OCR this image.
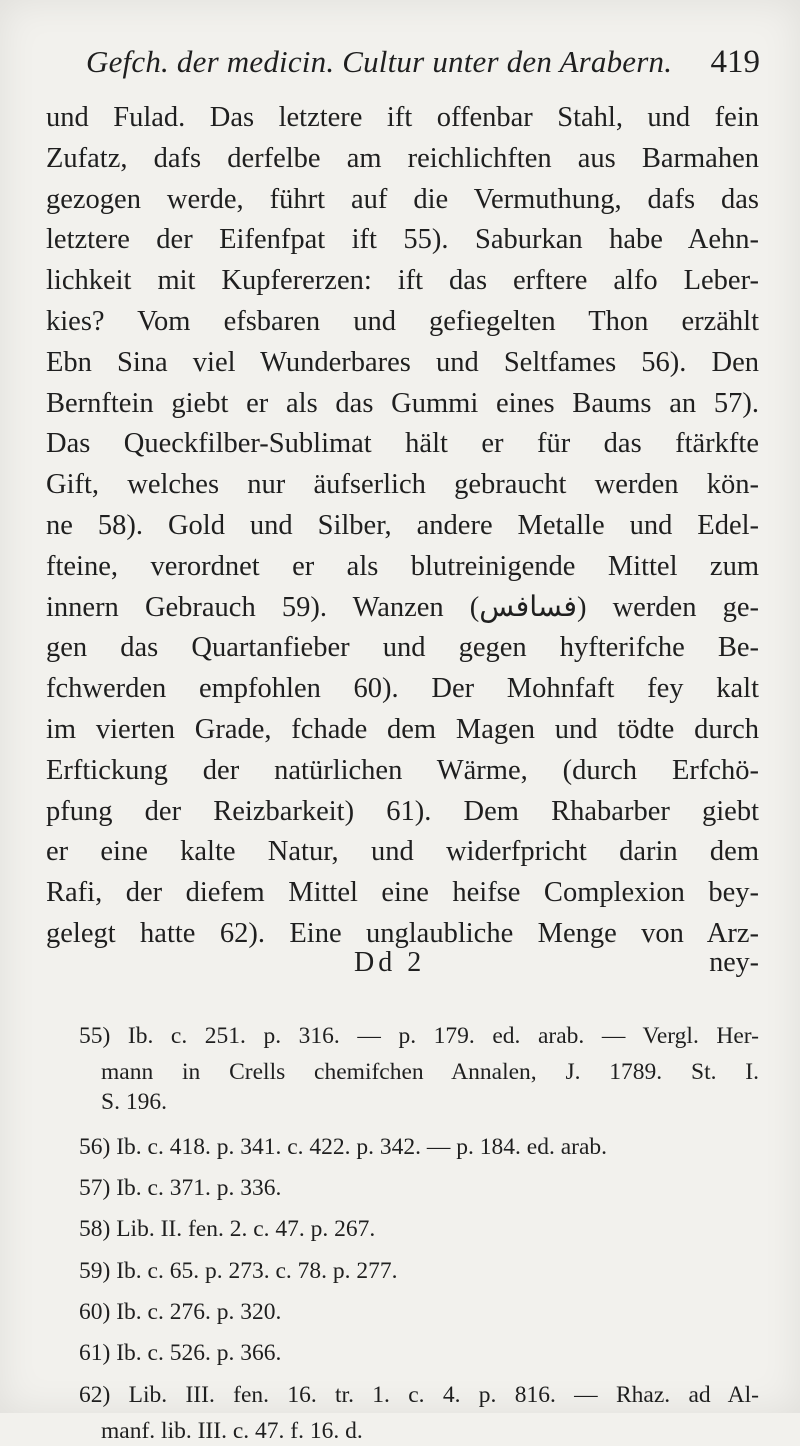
Gefch. der medicin. Cultur unter den Arabern. 419
und Fulad. Das letztere ift offenbar Stahl, und fein
Zufatz, dafs derfelbe am reichlichften aus Barmahen
gezogen werde, führt auf die Vermuthung, dafs das
letztere der Eifenfpat ift 55). Saburkan habe Aehn-
lichkeit mit Kupfererzen: ift das erftere alfo Leber-
kies? Vom efsbaren und gefiegelten Thon erzählt
Ebn Sina viel Wunderbares und Seltfames 56). Den
Bernftein giebt er als das Gummi eines Baums an 57).
Das Queckfilber-Sublimat hält er für das ftärkfte
Gift, welches nur äufserlich gebraucht werden kön-
ne 58). Gold und Silber, andere Metalle und Edel-
fteine, verordnet er als blutreinigende Mittel zum
innern Gebrauch 59). Wanzen (فسافس) werden ge-
gen das Quartanfieber und gegen hyfterifche Be-
fchwerden empfohlen 60). Der Mohnfaft fey kalt
im vierten Grade, fchade dem Magen und tödte durch
Erftickung der natürlichen Wärme, (durch Erfchö-
pfung der Reizbarkeit) 61). Dem Rhabarber giebt
er eine kalte Natur, und widerfpricht darin dem
Rafi, der diefem Mittel eine heifse Complexion bey-
gelegt hatte 62). Eine unglaubliche Menge von Arz-
Dd 2	ney-
55) Ib. c. 251. p. 316. — p. 179. ed. arab. — Vergl. Her-
mann in Crells chemifchen Annalen, J. 1789. St. I.
S. 196.
56) Ib. c. 418. p. 341. c. 422. p. 342. — p. 184. ed. arab.
57) Ib. c. 371. p. 336.
58) Lib. II. fen. 2. c. 47. p. 267.
59) Ib. c. 65. p. 273. c. 78. p. 277.
60) Ib. c. 276. p. 320.
61) Ib. c. 526. p. 366.
62) Lib. III. fen. 16. tr. 1. c. 4. p. 816. — Rhaz. ad Al-
manf. lib. III. c. 47. f. 16. d.
